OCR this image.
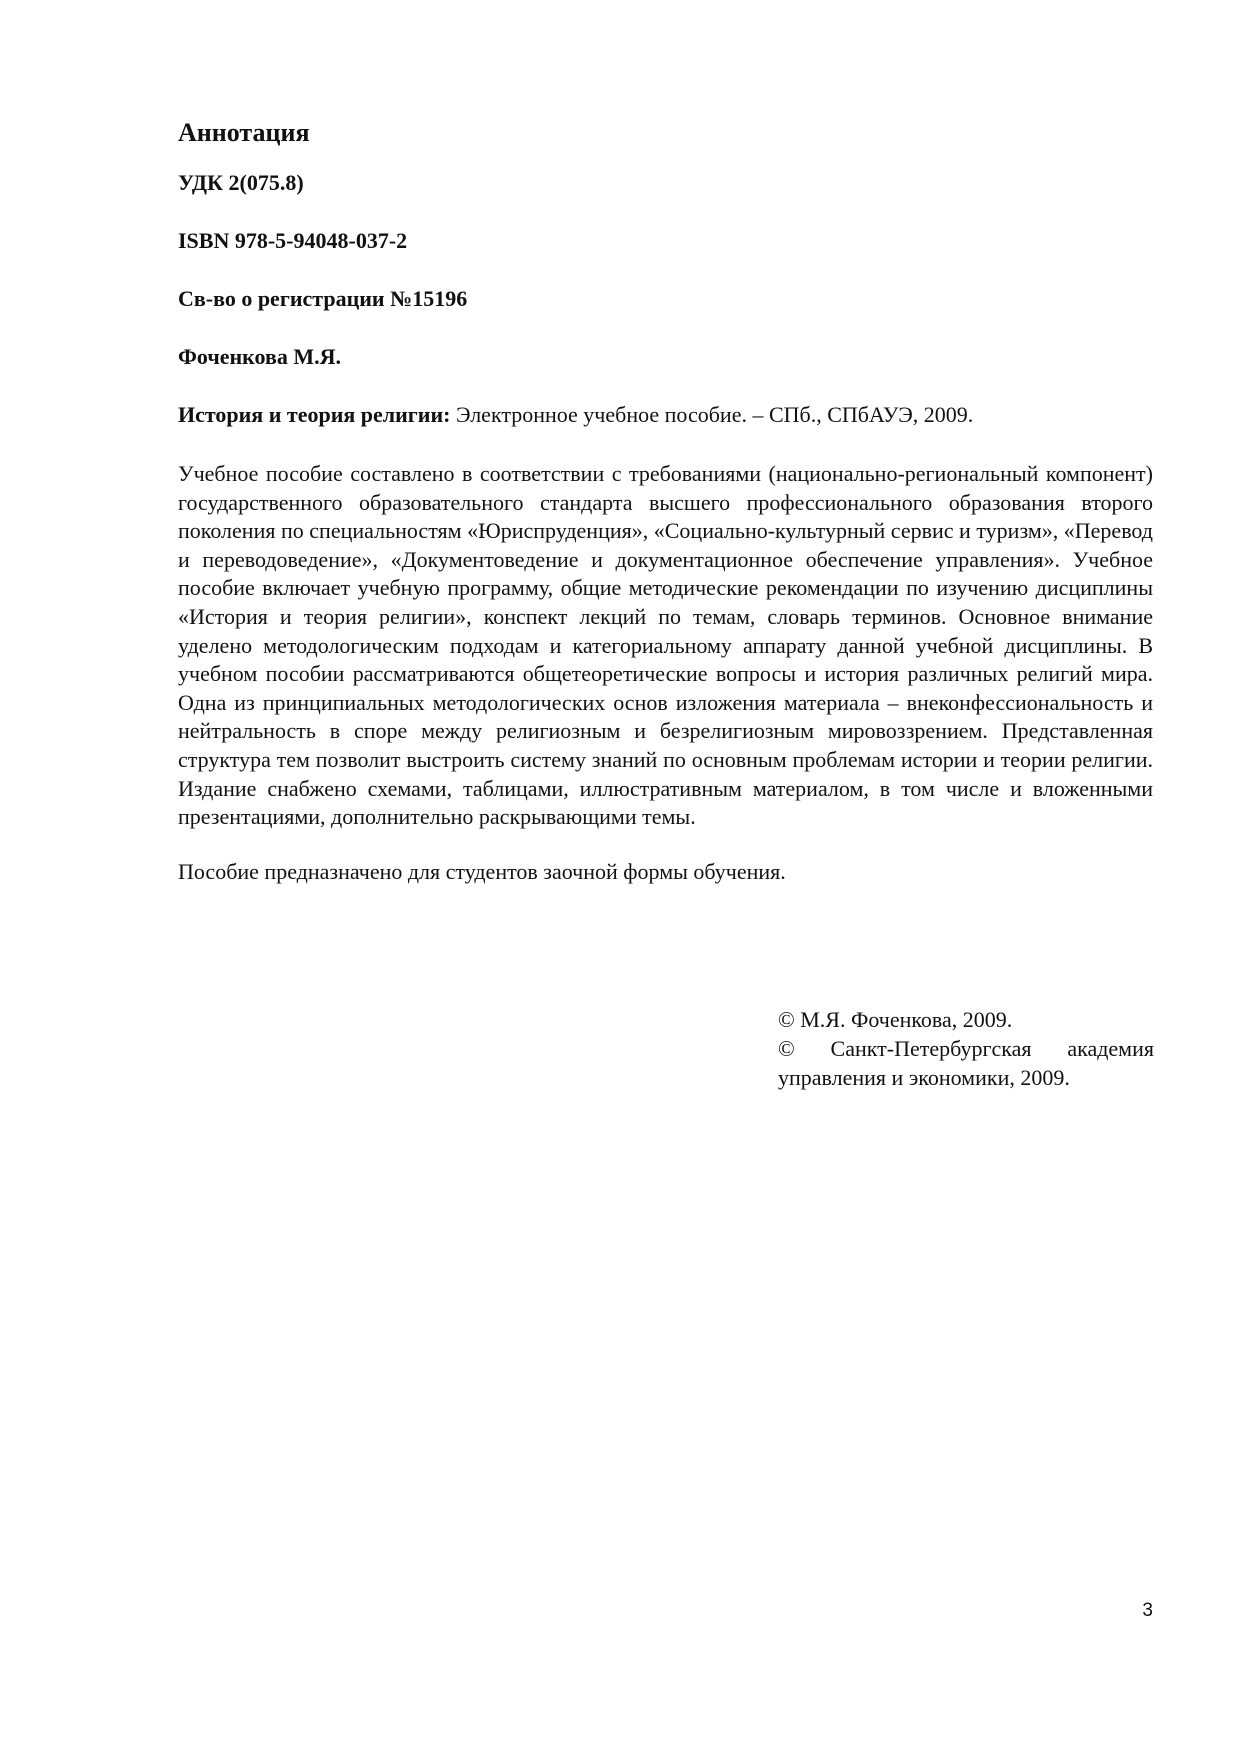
Аннотация

УДК 2(075.8)

ISBN 978-5-94048-037-2

Св-во о регистрации №15196

Фоченкова М.Я.

История и теория религии: Электронное учебное пособие. – СПб., СПбАУЭ, 2009.

Учебное пособие составлено в соответствии с требованиями (национально-региональный компонент) государственного образовательного стандарта высшего профессионального образования второго поколения по специальностям «Юриспруденция», «Социально-культурный сервис и туризм», «Перевод и переводоведение», «Документоведение и документационное обеспечение управления». Учебное пособие включает учебную программу, общие методические рекомендации по изучению дисциплины «История и теория религии», конспект лекций по темам, словарь терминов. Основное внимание уделено методологическим подходам и категориальному аппарату данной учебной дисциплины. В учебном пособии рассматриваются общетеоретические вопросы и история различных религий мира. Одна из принципиальных методологических основ изложения материала – внеконфессиональность и нейтральность в споре между религиозным и безрелигиозным мировоззрением. Представленная структура тем позволит выстроить систему знаний по основным проблемам истории и теории религии. Издание снабжено схемами, таблицами, иллюстративным материалом, в том числе и вложенными презентациями, дополнительно раскрывающими темы.

Пособие предназначено для студентов заочной формы обучения.

© М.Я. Фоченкова, 2009.

© Санкт-Петербургская академия

управления и экономики, 2009.

3
